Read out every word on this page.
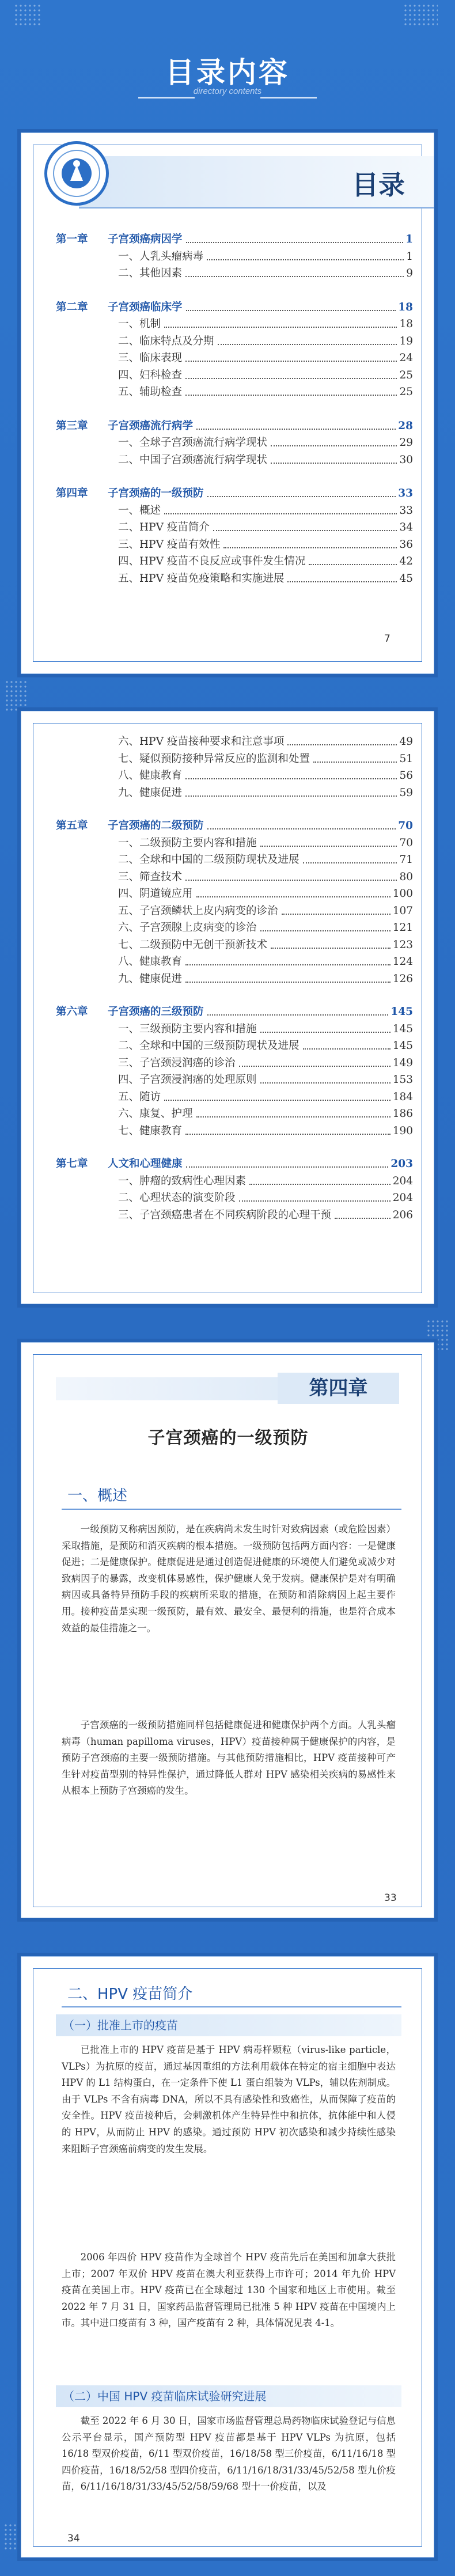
目录内容
directory contents
目录
第一章 子宫颈癌病因学	1
一、人乳头瘤病毒	1
二、其他因素	9
第二章 子宫颈癌临床学	18
一、机制	18
二、临床特点及分期	19
三、临床表现	24
四、妇科检查	25
五、辅助检查	25
第三章 子宫颈癌流行病学	28
一、全球子宫颈癌流行病学现状	29
二、中国子宫颈癌流行病学现状	30
第四章 子宫颈癌的一级预防	33
一、概述	33
二、HPV 疫苗简介	34
三、HPV 疫苗有效性	36
四、HPV 疫苗不良反应或事件发生情况	42
五、HPV 疫苗免疫策略和实施进展	45
7
六、HPV 疫苗接种要求和注意事项	49
七、疑似预防接种异常反应的监测和处置	51
八、健康教育	56
九、健康促进	59
第五章 子宫颈癌的二级预防	70
一、二级预防主要内容和措施	70
二、全球和中国的二级预防现状及进展	71
三、筛查技术	80
四、阴道镜应用	100
五、子宫颈鳞状上皮内病变的诊治	107
六、子宫颈腺上皮病变的诊治	121
七、二级预防中无创干预新技术	123
八、健康教育	124
九、健康促进	126
第六章 子宫颈癌的三级预防	145
一、三级预防主要内容和措施	145
二、全球和中国的三级预防现状及进展	145
三、子宫颈浸润癌的诊治	149
四、子宫颈浸润癌的处理原则	153
五、随访	184
六、康复、护理	186
七、健康教育	190
第七章 人文和心理健康	203
一、肿瘤的致病性心理因素	204
二、心理状态的演变阶段	204
三、子宫颈癌患者在不同疾病阶段的心理干预	206
第四章
子宫颈癌的一级预防
一、概述
一级预防又称病因预防，是在疾病尚未发生时针对致病因素（或危险因素）采取措施，是预防和消灭疾病的根本措施。一级预防包括两方面内容：一是健康促进；二是健康保护。健康促进是通过创造促进健康的环境使人们避免或减少对致病因子的暴露，改变机体易感性，保护健康人免于发病。健康保护是对有明确病因或具备特异预防手段的疾病所采取的措施，在预防和消除病因上起主要作用。接种疫苗是实现一级预防，最有效、最安全、最便利的措施，也是符合成本效益的最佳措施之一。
子宫颈癌的一级预防措施同样包括健康促进和健康保护两个方面。人乳头瘤病毒（human papilloma viruses，HPV）疫苗接种属于健康保护的内容，是预防子宫颈癌的主要一级预防措施。与其他预防措施相比，HPV 疫苗接种可产生针对疫苗型别的特异性保护，通过降低人群对 HPV 感染相关疾病的易感性来从根本上预防子宫颈癌的发生。
33
二、HPV 疫苗简介
（一）批准上市的疫苗
已批准上市的 HPV 疫苗是基于 HPV 病毒样颗粒（virus-like particle，VLPs）为抗原的疫苗，通过基因重组的方法利用载体在特定的宿主细胞中表达 HPV 的 L1 结构蛋白，在一定条件下使 L1 蛋白组装为 VLPs，辅以佐剂制成。由于 VLPs 不含有病毒 DNA，所以不具有感染性和致癌性，从而保障了疫苗的安全性。HPV 疫苗接种后，会刺激机体产生特异性中和抗体，抗体能中和人侵的 HPV，从而防止 HPV 的感染。通过预防 HPV 初次感染和减少持续性感染来阻断子宫颈癌前病变的发生发展。
2006 年四价 HPV 疫苗作为全球首个 HPV 疫苗先后在美国和加拿大获批上市；2007 年双价 HPV 疫苗在澳大利亚获得上市许可；2014 年九价 HPV 疫苗在美国上市。HPV 疫苗已在全球超过 130 个国家和地区上市使用。截至 2022 年 7 月 31 日，国家药品监督管理局已批准 5 种 HPV 疫苗在中国境内上市。其中进口疫苗有 3 种，国产疫苗有 2 种，具体情况见表 4-1。
（二）中国 HPV 疫苗临床试验研究进展
截至 2022 年 6 月 30 日，国家市场监督管理总局药物临床试验登记与信息公示平台显示，国产预防型 HPV 疫苗都是基于 HPV VLPs 为抗原，包括 16/18 型双价疫苗，6/11 型双价疫苗，16/18/58 型三价疫苗，6/11/16/18 型四价疫苗，16/18/52/58 型四价疫苗，6/11/16/18/31/33/45/52/58 型九价疫苗，6/11/16/18/31/33/45/52/58/59/68 型十一价疫苗，以及
34
